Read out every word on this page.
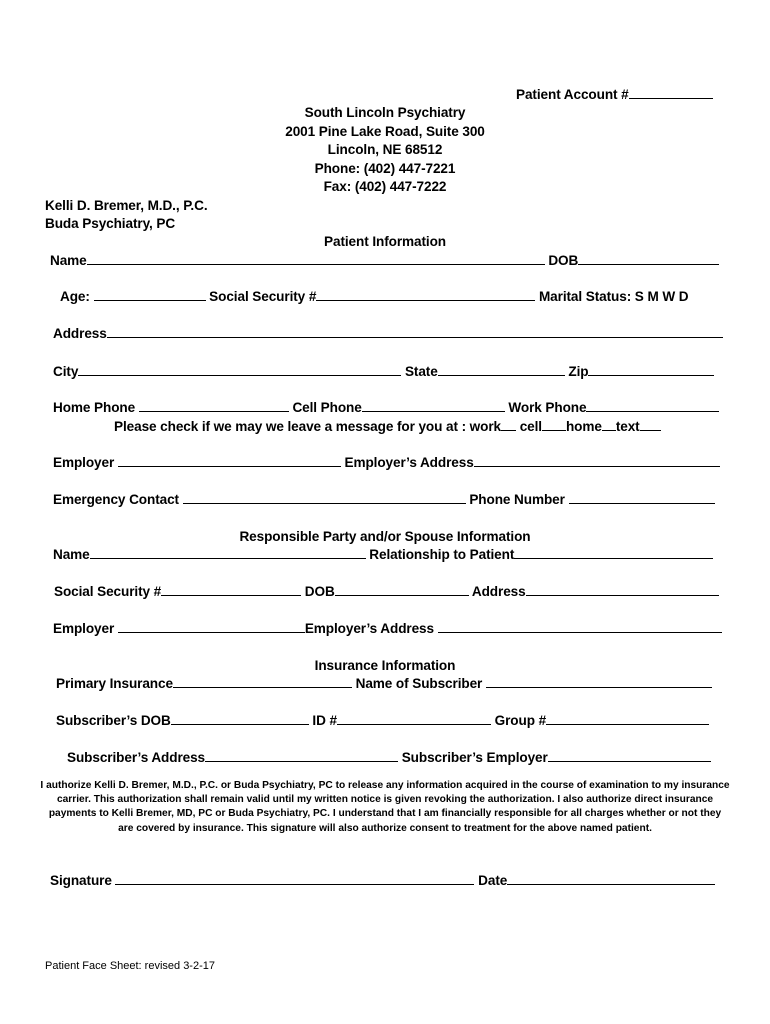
Patient Account #
South Lincoln Psychiatry
2001 Pine Lake Road, Suite 300
Lincoln, NE 68512
Phone: (402) 447-7221
Fax: (402) 447-7222
Kelli D. Bremer, M.D., P.C.
Buda Psychiatry, PC
Patient Information
Name	DOB
Age:	Social Security #	Marital Status: S M W D
Address
City	State	Zip
Home Phone	Cell Phone	Work Phone
Please check if we may we leave a message for you at : work cell home text
Employer	Employer’s Address
Emergency Contact	Phone Number
Responsible Party and/or Spouse Information
Name	Relationship to Patient
Social Security #	DOB	Address
Employer	Employer’s Address
Insurance Information
Primary Insurance	Name of Subscriber
Subscriber’s DOB	ID #	Group #
Subscriber’s Address	Subscriber’s Employer
I authorize Kelli D. Bremer, M.D., P.C. or Buda Psychiatry, PC to release any information acquired in the course of examination to my insurance carrier. This authorization shall remain valid until my written notice is given revoking the authorization. I also authorize direct insurance payments to Kelli Bremer, MD, PC or Buda Psychiatry, PC. I understand that I am financially responsible for all charges whether or not they are covered by insurance. This signature will also authorize consent to treatment for the above named patient.
Signature	Date
Patient Face Sheet: revised 3-2-17
